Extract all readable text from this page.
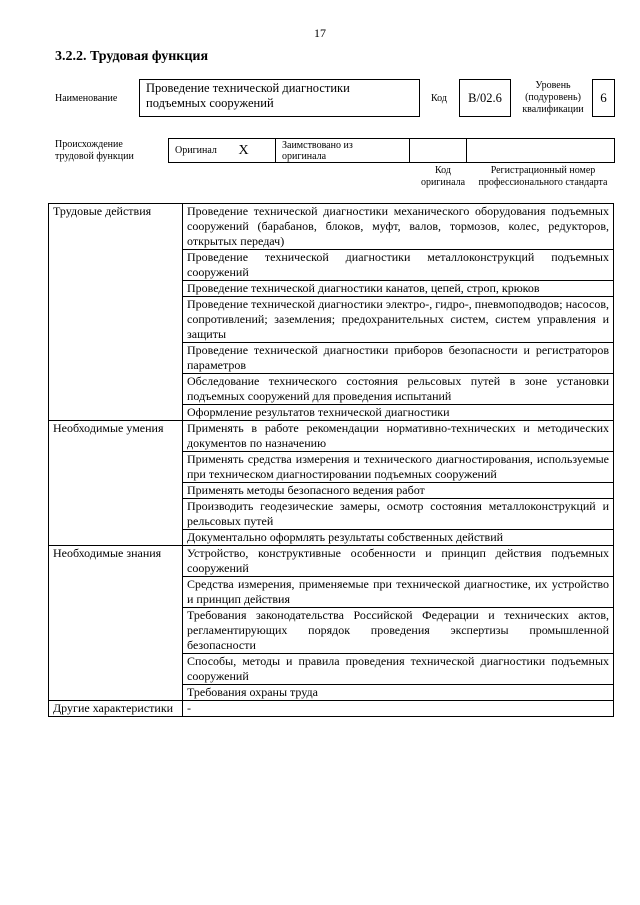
17
3.2.2. Трудовая функция
Наименование
Проведение технической диагностики подъемных сооружений	Код	B/02.6
Уровень
(подуровень)
квалификации
6
Происхождение
трудовой функции
Оригинал	X	Заимствовано из
оригинала

Код
оригинала
Регистрационный номер
профессионального стандарта
Трудовые действия	Проведение технической диагностики механического оборудования подъемных сооружений (барабанов, блоков, муфт, валов, тормозов, колес, редукторов, открытых передач)
	Проведение технической диагностики металлоконструкций подъемных сооружений
	Проведение технической диагностики канатов, цепей, строп, крюков
	Проведение технической диагностики электро-, гидро-, пневмоподводов; насосов, сопротивлений; заземления; предохранительных систем, систем управления и защиты
	Проведение технической диагностики приборов безопасности и регистраторов параметров
	Обследование технического состояния рельсовых путей в зоне установки подъемных сооружений для проведения испытаний
	Оформление результатов технической диагностики
Необходимые умения	Применять в работе рекомендации нормативно-технических и методических документов по назначению
	Применять средства измерения и технического диагностирования, используемые при техническом диагностировании подъемных сооружений
	Применять методы безопасного ведения работ
	Производить геодезические замеры, осмотр состояния металлоконструкций и рельсовых путей
	Документально оформлять результаты собственных действий
Необходимые знания	Устройство, конструктивные особенности и принцип действия подъемных сооружений
	Средства измерения, применяемые при технической диагностике, их устройство и принцип действия
	Требования законодательства Российской Федерации и технических актов, регламентирующих порядок проведения экспертизы промышленной безопасности
	Способы, методы и правила проведения технической диагностики подъемных сооружений
	Требования охраны труда
Другие характеристики	-
